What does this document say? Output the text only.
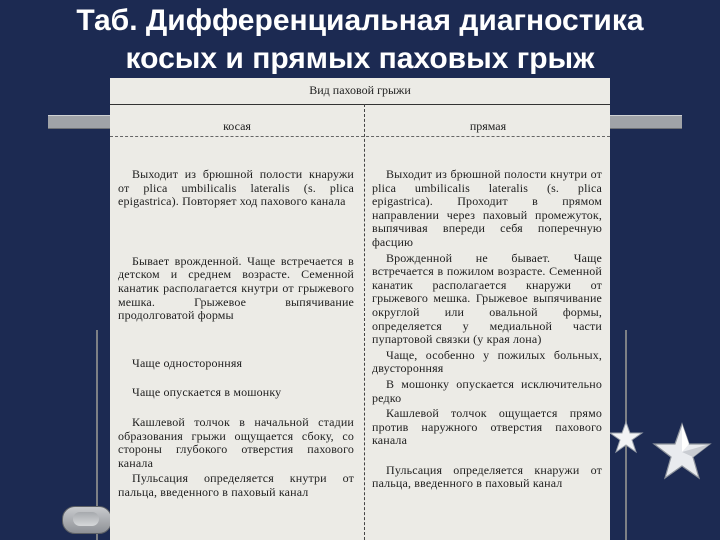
Таб. Дифференциальная диагностика
косых и прямых паховых грыж
Вид паховой грыжи
косая	прямая
Выходит из брюшной полости кнаружи от plica umbilicalis lateralis (s. plica epigastrica). Повторяет ход пахового канала
Бывает врожденной. Чаще встречается в детском и среднем возрасте. Семенной канатик располагается кнутри от грыжевого мешка. Грыжевое выпячивание продолговатой формы
Чаще односторонняя
Чаще опускается в мошонку
Кашлевой толчок в начальной стадии образования грыжи ощущается сбоку, со стороны глубокого отверстия пахового канала
Пульсация определяется кнутри от пальца, введенного в паховый канал
Выходит из брюшной полости кнутри от plica umbilicalis lateralis (s. plica epigastrica). Проходит в прямом направлении через паховый промежуток, выпячивая впереди себя поперечную фасцию
Врожденной не бывает. Чаще встречается в пожилом возрасте. Семенной канатик располагается кнаружи от грыжевого мешка. Грыжевое выпячивание округлой или овальной формы, определяется у медиальной части пупартовой связки (у края лона)
Чаще, особенно у пожилых больных, двусторонняя
В мошонку опускается исключительно редко
Кашлевой толчок ощущается прямо против наружного отверстия пахового канала
Пульсация определяется кнаружи от пальца, введенного в паховый канал
